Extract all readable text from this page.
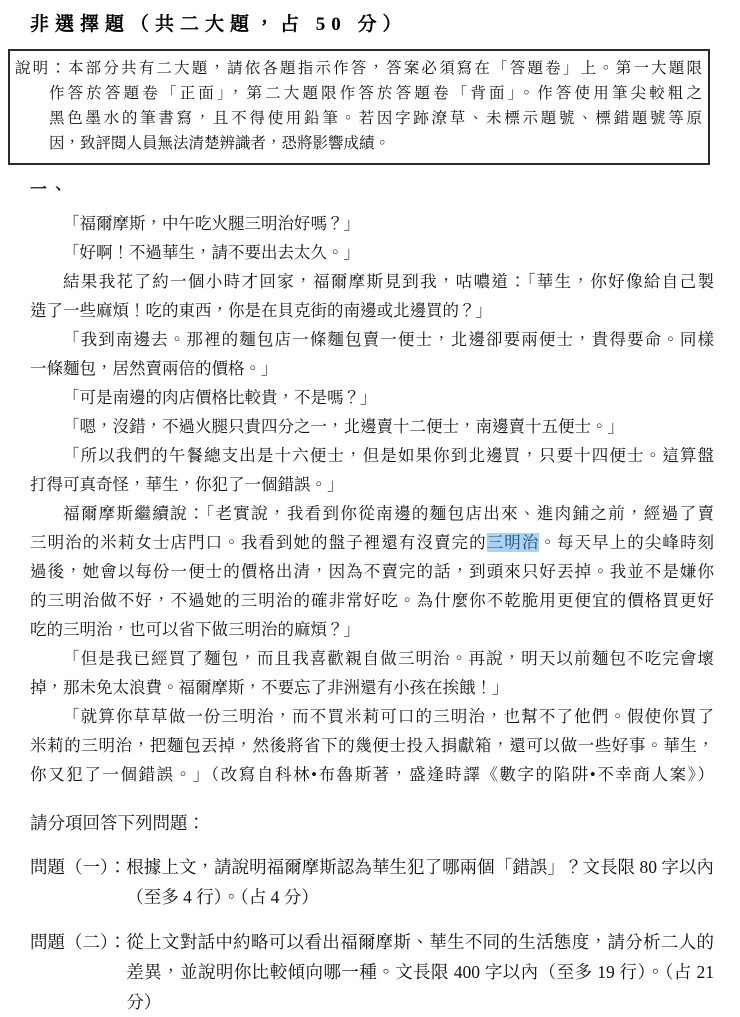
非選擇題（共二大題，占 50 分）
說明：本部分共有二大題，請依各題指示作答，答案必須寫在「答題卷」上。第一大題限
作答於答題卷「正面」，第二大題限作答於答題卷「背面」。作答使用筆尖較粗之
黑色墨水的筆書寫，且不得使用鉛筆。若因字跡潦草、未標示題號、標錯題號等原
因，致評閱人員無法清楚辨識者，恐將影響成績。
一、
「福爾摩斯，中午吃火腿三明治好嗎？」
「好啊！不過華生，請不要出去太久。」
結果我花了約一個小時才回家，福爾摩斯見到我，咕噥道：「華生，你好像給自己製
造了一些麻煩！吃的東西，你是在貝克街的南邊或北邊買的？」
「我到南邊去。那裡的麵包店一條麵包賣一便士，北邊卻要兩便士，貴得要命。同樣
一條麵包，居然賣兩倍的價格。」
「可是南邊的肉店價格比較貴，不是嗎？」
「嗯，沒錯，不過火腿只貴四分之一，北邊賣十二便士，南邊賣十五便士。」
「所以我們的午餐總支出是十六便士，但是如果你到北邊買，只要十四便士。這算盤
打得可真奇怪，華生，你犯了一個錯誤。」
福爾摩斯繼續說：「老實說，我看到你從南邊的麵包店出來、進肉鋪之前，經過了賣
三明治的米莉女士店門口。我看到她的盤子裡還有沒賣完的三明治。每天早上的尖峰時刻
過後，她會以每份一便士的價格出清，因為不賣完的話，到頭來只好丟掉。我並不是嫌你
的三明治做不好，不過她的三明治的確非常好吃。為什麼你不乾脆用更便宜的價格買更好
吃的三明治，也可以省下做三明治的麻煩？」
「但是我已經買了麵包，而且我喜歡親自做三明治。再說，明天以前麵包不吃完會壞
掉，那未免太浪費。福爾摩斯，不要忘了非洲還有小孩在挨餓！」
「就算你草草做一份三明治，而不買米莉可口的三明治，也幫不了他們。假使你買了
米莉的三明治，把麵包丟掉，然後將省下的幾便士投入捐獻箱，還可以做一些好事。華生，
你又犯了一個錯誤。」（改寫自科林•布魯斯著，盛逢時譯《數字的陷阱•不幸商人案》）
請分項回答下列問題：
問題（一）： 根據上文，請說明福爾摩斯認為華生犯了哪兩個「錯誤」？文長限 80 字以內（至多 4 行）。（占 4 分）
問題（二）： 從上文對話中約略可以看出福爾摩斯、華生不同的生活態度，請分析二人的差異，並說明你比較傾向哪一種。文長限 400 字以內（至多 19 行）。（占 21 分）
